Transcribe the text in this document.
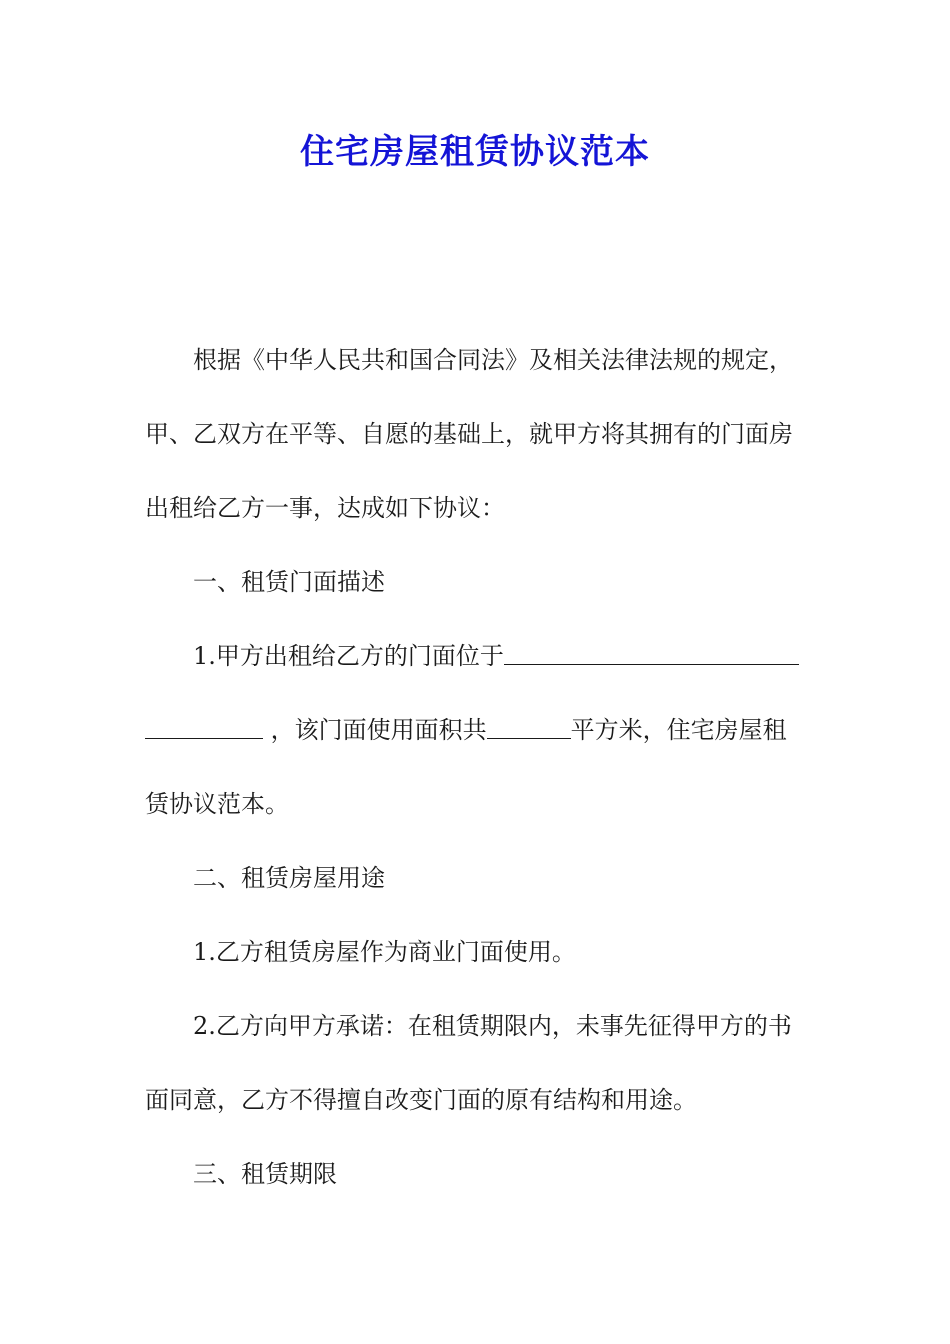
住宅房屋租赁协议范本
根据《中华人民共和国合同法》及相关法律法规的规定，
甲、乙双方在平等、自愿的基础上，就甲方将其拥有的门面房
出租给乙方一事，达成如下协议：
一、租赁门面描述
1.甲方出租给乙方的门面位于
，该门面使用面积共	平方米，住宅房屋租
赁协议范本。
二、租赁房屋用途
1.乙方租赁房屋作为商业门面使用。
2.乙方向甲方承诺：在租赁期限内，未事先征得甲方的书
面同意，乙方不得擅自改变门面的原有结构和用途。
三、租赁期限
